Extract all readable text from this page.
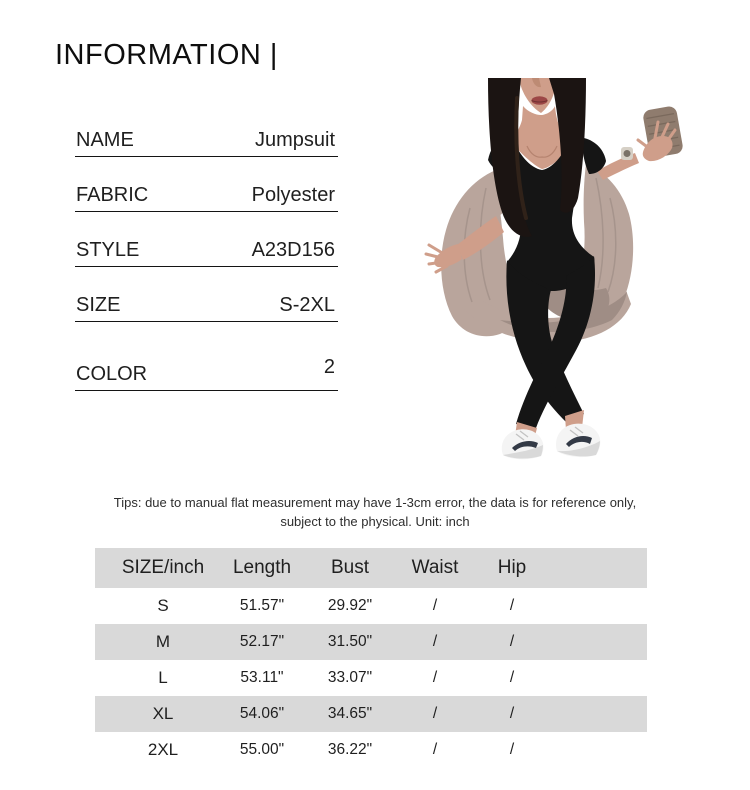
INFORMATION |
NAME	Jumpsuit
FABRIC	Polyester
STYLE	A23D156
SIZE	S-2XL
COLOR	2
Tips: due to manual flat measurement may have 1-3cm error, the data is for reference only,
subject to the physical. Unit: inch
SIZE/inch	Length	Bust	Waist	Hip
S	51.57"	29.92"	/	/
M	52.17"	31.50"	/	/
L	53.11"	33.07"	/	/
XL	54.06"	34.65"	/	/
2XL	55.00"	36.22"	/	/
